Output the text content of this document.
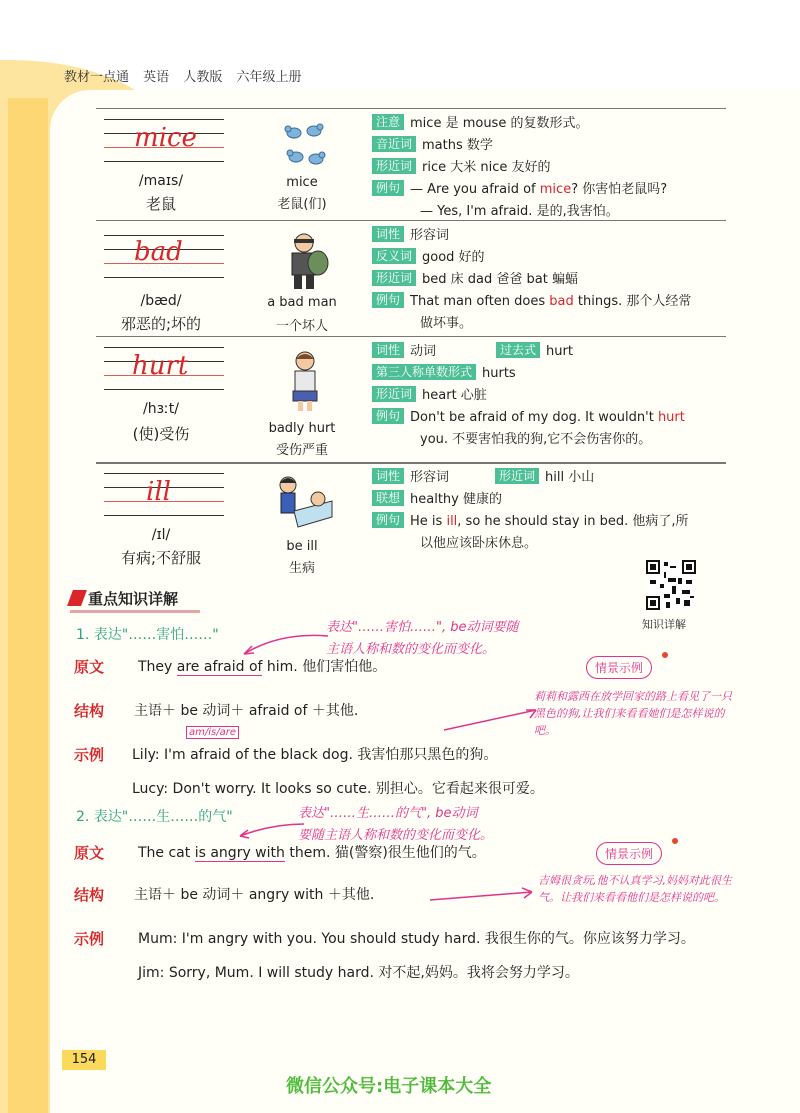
教材一点通 英语 人教版 六年级上册
mice
/maɪs/
老鼠
mice
老鼠(们)
注意 mice 是 mouse 的复数形式。
音近词 maths 数学
形近词 rice 大米 nice 友好的
例句 — Are you afraid of mice? 你害怕老鼠吗?
— Yes, I'm afraid. 是的,我害怕。
bad
/bæd/
邪恶的;坏的
a bad man
一个坏人
词性 形容词
反义词 good 好的
形近词 bed 床 dad 爸爸 bat 蝙蝠
例句 That man often does bad things. 那个人经常
做坏事。
hurt
/hɜːt/
(使)受伤	badly hurt
受伤严重
词性 动词	过去式 hurt
第三人称单数形式 hurts
形近词 heart 心脏
例句 Don't be afraid of my dog. It wouldn't hurt
you. 不要害怕我的狗,它不会伤害你的。
ill
/ɪl/
有病;不舒服
be ill
生病
词性 形容词	形近词 hill 小山
联想 healthy 健康的
例句 He is ill, so he should stay in bed. 他病了,所
以他应该卧床休息。
知识详解
重点知识详解
1. 表达"……害怕……"	表达"……害怕……", be动词要随
主语人称和数的变化而变化。
情景示例
莉莉和露西在放学回家的路上看见了一只黑色的狗,让我们来看看她们是怎样说的吧。
原文 They are afraid of him. 他们害怕他。
结构 主语＋ be 动词＋ afraid of ＋其他.
am/is/are
示例 Lily: I'm afraid of the black dog. 我害怕那只黑色的狗。
Lucy: Don't worry. It looks so cute. 别担心。它看起来很可爱。
2. 表达"……生……的气"	表达"……生……的气", be动词
要随主语人称和数的变化而变化。
情景示例
吉姆很贪玩,他不认真学习,妈妈对此很生气。让我们来看看他们是怎样说的吧。
原文 The cat is angry with them. 猫(警察)很生他们的气。
结构 主语＋ be 动词＋ angry with ＋其他.
示例 Mum: I'm angry with you. You should study hard. 我很生你的气。你应该努力学习。
Jim: Sorry, Mum. I will study hard. 对不起,妈妈。我将会努力学习。
154
微信公众号:电子课本大全
